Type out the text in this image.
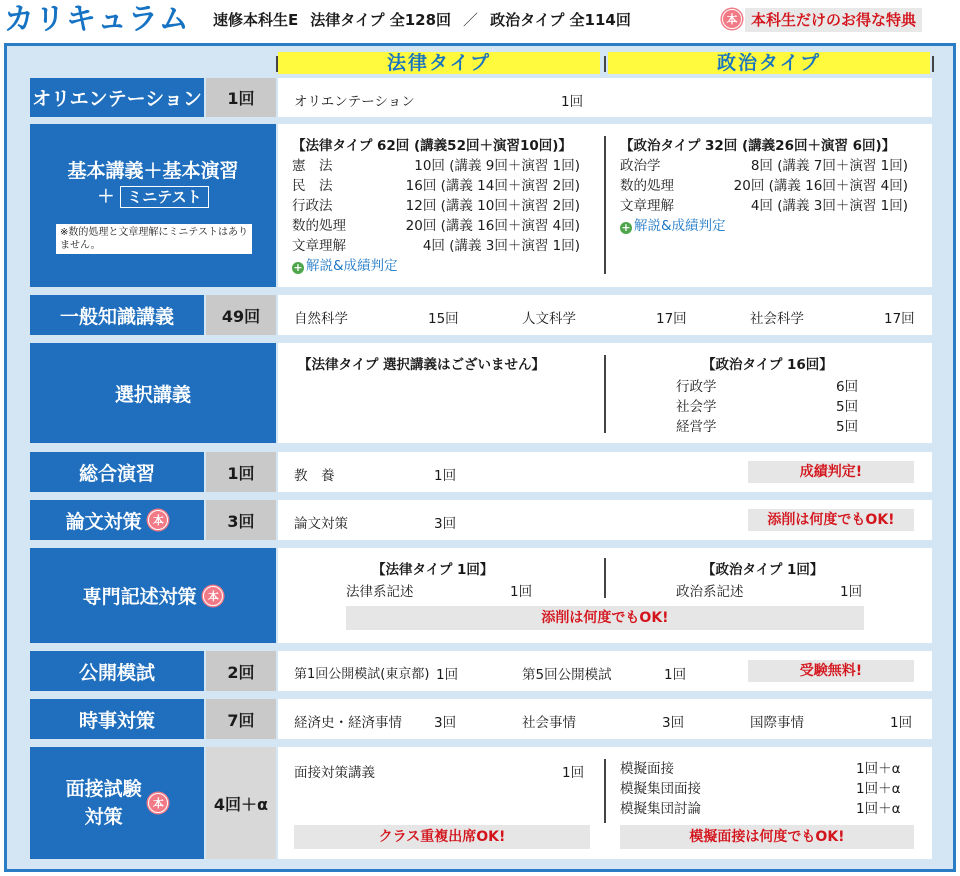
カリキュラム 速修本科生E 法律タイプ 全128回 ／ 政治タイプ 全114回	本 本科生だけのお得な特典
法律タイプ	政治タイプ
オリエンテーション	1回	オリエンテーション	1回
基本講義＋基本演習
＋ ミニテスト
※数的処理と文章理解にミニテストはありません。
【法律タイプ 62回 (講義52回＋演習10回)】
憲　法	10回 (講義 9回＋演習 1回)
民　法	16回 (講義 14回＋演習 2回)
行政法	12回 (講義 10回＋演習 2回)
数的処理	20回 (講義 16回＋演習 4回)
文章理解	4回 (講義 3回＋演習 1回)
+ 解説&成績判定
【政治タイプ 32回 (講義26回＋演習 6回)】
政治学	8回 (講義 7回＋演習 1回)
数的処理	20回 (講義 16回＋演習 4回)
文章理解	4回 (講義 3回＋演習 1回)
+ 解説&成績判定
一般知識講義	49回	自然科学	15回	人文科学	17回	社会科学	17回
選択講義
【法律タイプ 選択講義はございません】	【政治タイプ 16回】
行政学	6回
社会学	5回
経営学	5回
総合演習	1回	教　養	1回	成績判定!
論文対策
	本	3回	論文対策	3回	添削は何度でもOK!
専門記述対策
	本
【法律タイプ 1回】
法律系記述	1回
【政治タイプ 1回】
政治系記述	1回
添削は何度でもOK!
公開模試	2回	第1回公開模試(東京都) 1回	第5回公開模試	1回	受験無料!
時事対策	7回	経済史・経済事情 3回	社会事情	3回	国際事情	1回
面接試験
対策

本	4回＋α
面接対策講義	1回	模擬面接	1回＋α
模擬集団面接	1回＋α
模擬集団討論	1回＋α
クラス重複出席OK!	模擬面接は何度でもOK!
